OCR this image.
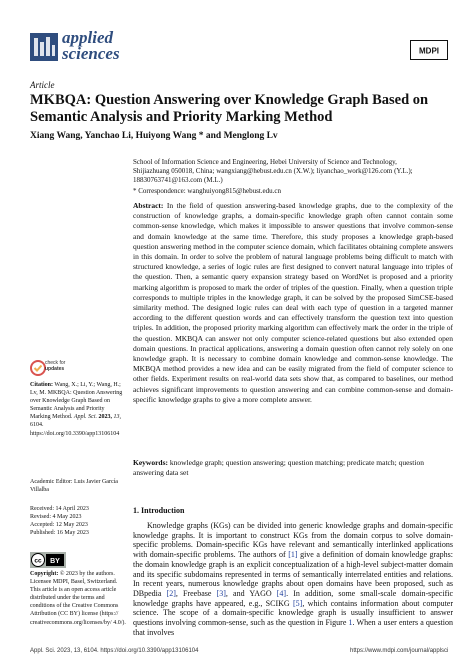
applied
sciences	MDPI
Article
MKBQA: Question Answering over Knowledge Graph Based on Semantic Analysis and Priority Marking Method
Xiang Wang, Yanchao Li, Huiyong Wang * and Menglong Lv
School of Information Science and Engineering, Hebei University of Science and Technology,
Shijiazhuang 050018, China; wangxiang@hebust.edu.cn (X.W.); liyanchao_work@126.com (Y.L.);
18830763741@163.com (M.L.)
* Correspondence: wanghuiyong815@hebust.edu.cn
Abstract: In the field of question answering-based knowledge graphs, due to the complexity of the construction of knowledge graphs, a domain-specific knowledge graph often cannot contain some common-sense knowledge, which makes it impossible to answer questions that involve common-sense and domain knowledge at the same time. Therefore, this study proposes a knowledge graph-based question answering method in the computer science domain, which facilitates obtaining complete answers in this domain. In order to solve the problem of natural language problems being difficult to match with structured knowledge, a series of logic rules are first designed to convert natural language into triples of the question. Then, a semantic query expansion strategy based on WordNet is proposed and a priority marking algorithm is proposed to mark the order of triples of the question. Finally, when a question triple corresponds to multiple triples in the knowledge graph, it can be solved by the proposed SimCSE-based similarity method. The designed logic rules can deal with each type of question in a targeted manner according to the different question words and can effectively transform the question text into question triples. In addition, the proposed priority marking algorithm can effectively mark the order in the triple of the question. MKBQA can answer not only computer science-related questions but also extended open domain questions. In practical applications, answering a domain question often cannot rely solely on one knowledge graph. It is necessary to combine domain knowledge and common-sense knowledge. The MKBQA method provides a new idea and can be easily migrated from the field of computer science to other fields. Experiment results on real-world data sets show that, as compared to baselines, our method achieves significant improvements to question answering and can combine common-sense and domain-specific knowledge graphs to give a more complete answer.
Keywords: knowledge graph; question answering; question matching; predicate match; question answering data set
check for
updates
Citation: Wang, X.; Li, Y.; Wang, H.; Lv, M. MKBQA: Question Answering over Knowledge Graph Based on Semantic Analysis and Priority Marking Method. Appl. Sci. 2023, 13, 6104. https://doi.org/10.3390/app13106104
Academic Editor: Luis Javier García Villalba
Received: 14 April 2023
Revised: 4 May 2023
Accepted: 12 May 2023
Published: 16 May 2023
cc BY
Copyright: © 2023 by the authors. Licensee MDPI, Basel, Switzerland. This article is an open access article distributed under the terms and conditions of the Creative Commons Attribution (CC BY) license (https:// creativecommons.org/licenses/by/ 4.0/).
1. Introduction
Knowledge graphs (KGs) can be divided into generic knowledge graphs and domain-specific knowledge graphs. It is important to construct KGs from the domain corpus to solve domain-specific problems. Domain-specific KGs have relevant and semantically interlinked applications with domain-specific problems. The authors of [1] give a definition of domain knowledge graphs: the domain knowledge graph is an explicit conceptualization of a high-level subject-matter domain and its specific subdomains represented in terms of semantically interrelated entities and relations. In recent years, numerous knowledge graphs about open domains have been proposed, such as DBpedia [2], Freebase [3], and YAGO [4]. In addition, some small-scale domain-specific knowledge graphs have appeared, e.g., SCIKG [5], which contains information about computer science. The scope of a domain-specific knowledge graph is usually insufficient to answer questions involving common-sense, such as the question in Figure 1. When a user enters a question that involves
Appl. Sci. 2023, 13, 6104. https://doi.org/10.3390/app13106104	https://www.mdpi.com/journal/applsci
